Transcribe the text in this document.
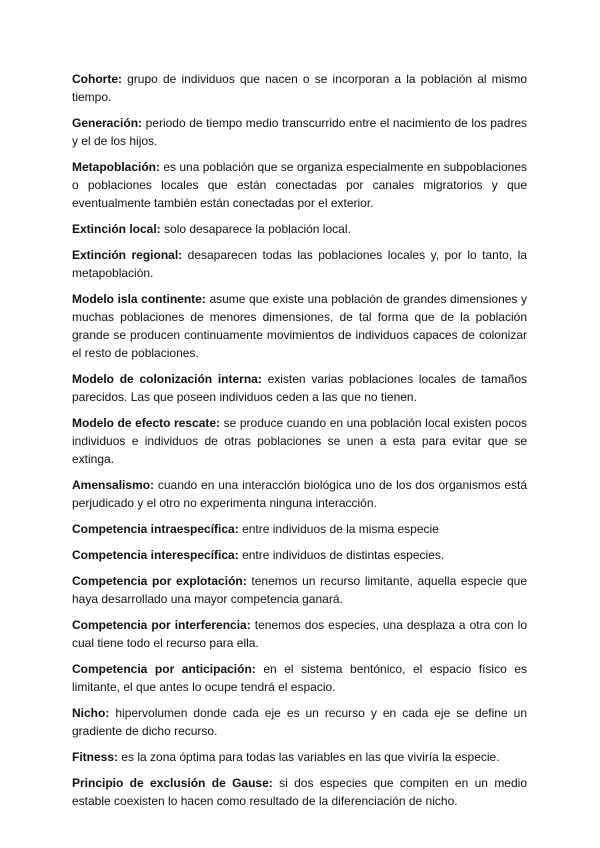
Cohorte: grupo de individuos que nacen o se incorporan a la población al mismo tiempo.

Generación: periodo de tiempo medio transcurrido entre el nacimiento de los padres y el de los hijos.

Metapoblación: es una población que se organiza especialmente en subpoblaciones o poblaciones locales que están conectadas por canales migratorios y que eventualmente también están conectadas por el exterior.

Extinción local: solo desaparece la población local.

Extinción regional: desaparecen todas las poblaciones locales y, por lo tanto, la metapoblación.

Modelo isla continente: asume que existe una población de grandes dimensiones y muchas poblaciones de menores dimensiones, de tal forma que de la población grande se producen continuamente movimientos de individuos capaces de colonizar el resto de poblaciones.

Modelo de colonización interna: existen varias poblaciones locales de tamaños parecidos. Las que poseen individuos ceden a las que no tienen.

Modelo de efecto rescate: se produce cuando en una población local existen pocos individuos e individuos de otras poblaciones se unen a esta para evitar que se extinga.

Amensalismo: cuando en una interacción biológica uno de los dos organismos está perjudicado y el otro no experimenta ninguna interacción.

Competencia intraespecífica: entre individuos de la misma especie

Competencia interespecífica: entre individuos de distintas especies.

Competencia por explotación: tenemos un recurso limitante, aquella especie que haya desarrollado una mayor competencia ganará.

Competencia por interferencia: tenemos dos especies, una desplaza a otra con lo cual tiene todo el recurso para ella.

Competencia por anticipación: en el sistema bentónico, el espacio físico es limitante, el que antes lo ocupe tendrá el espacio.

Nicho: hipervolumen donde cada eje es un recurso y en cada eje se define un gradiente de dicho recurso.

Fitness: es la zona óptima para todas las variables en las que viviría la especie.

Principio de exclusión de Gause: si dos especies que compiten en un medio estable coexisten lo hacen como resultado de la diferenciación de nicho.
